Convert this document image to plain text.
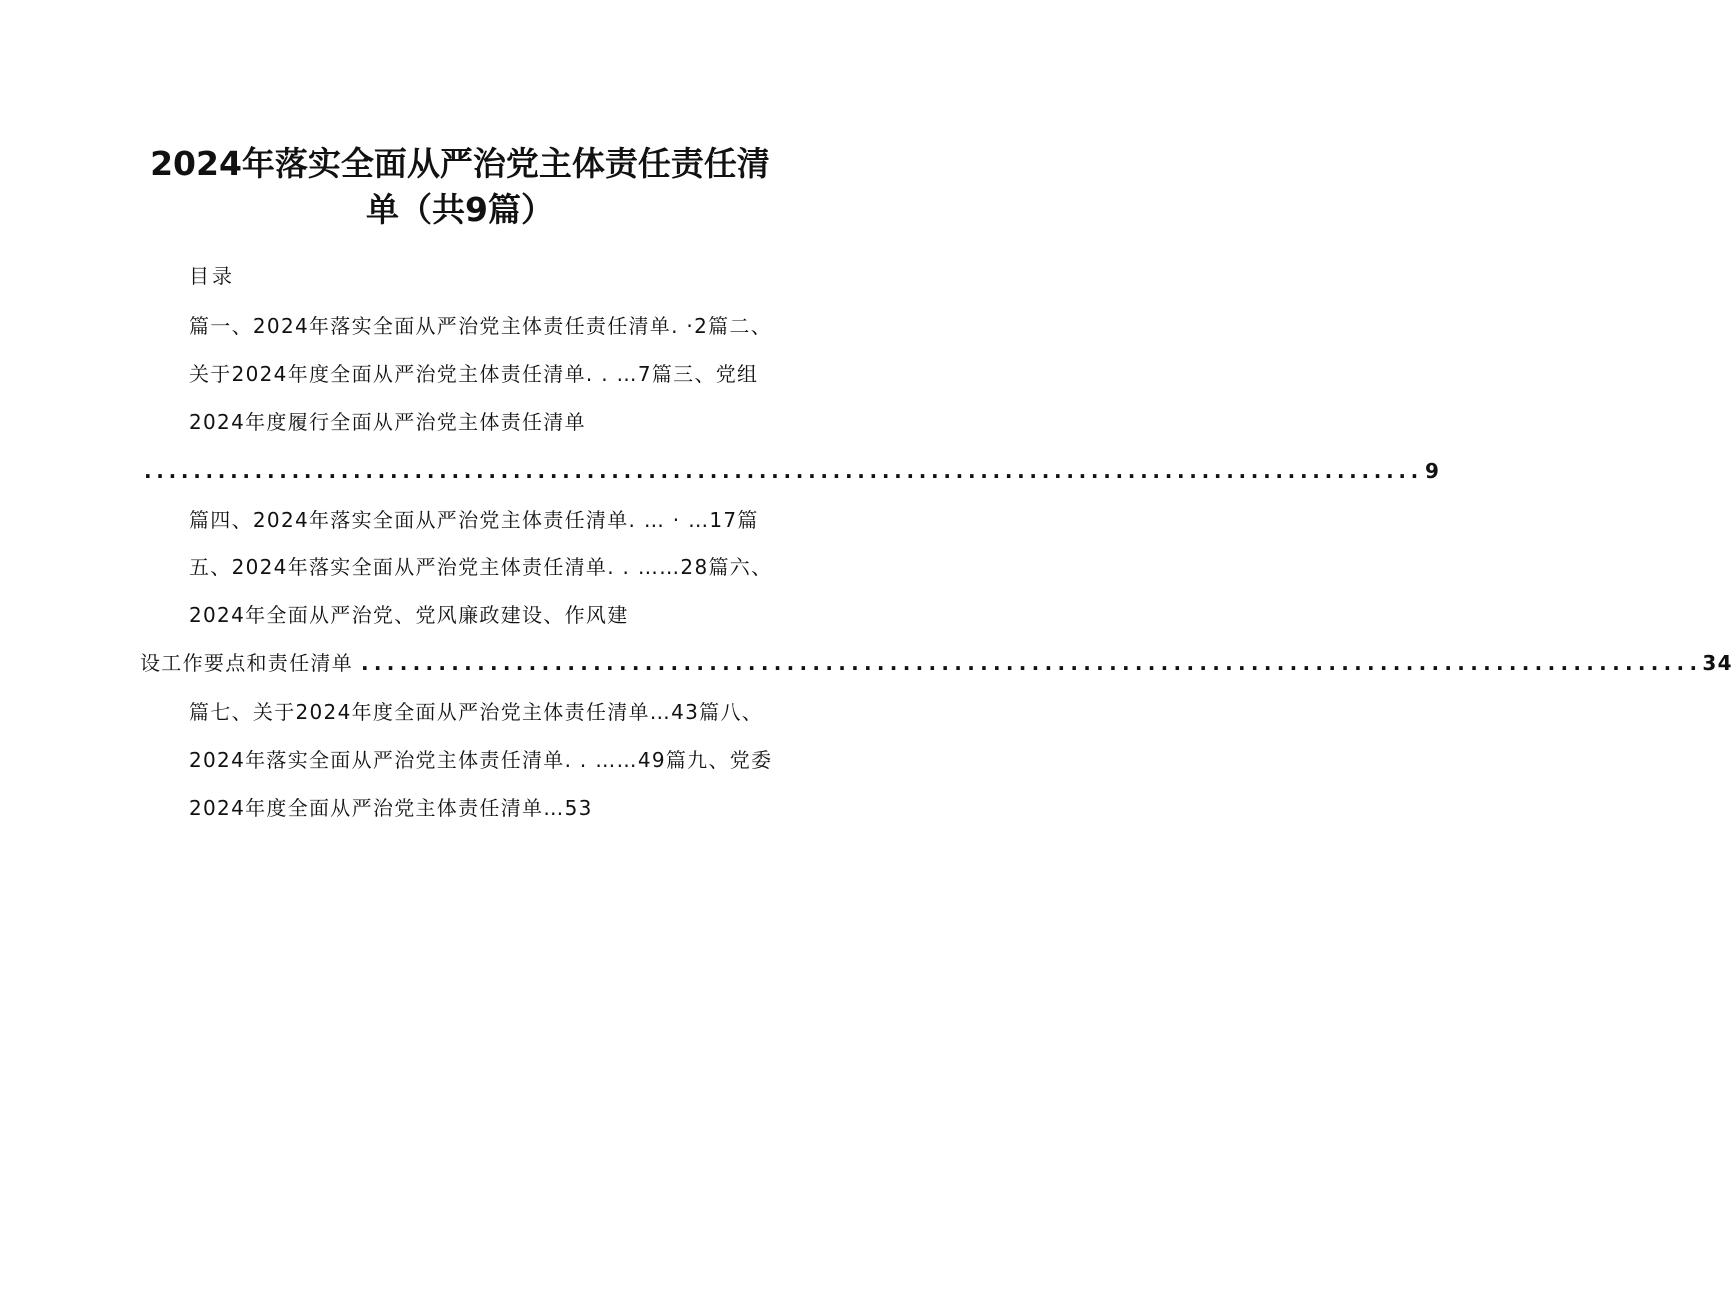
2024年落实全面从严治党主体责任责任清
单（共9篇）
目录
篇一、2024年落实全面从严治党主体责任责任清单. ·2篇二、
关于2024年度全面从严治党主体责任清单. . …7篇三、党组
2024年度履行全面从严治党主体责任清单
........................................................................................................ 9
篇四、2024年落实全面从严治党主体责任清单. … · …17篇
五、2024年落实全面从严治党主体责任清单. . ……28篇六、
2024年全面从严治党、党风廉政建设、作风建
设工作要点和责任清单 ........................................................................................................ 34
篇七、关于2024年度全面从严治党主体责任清单…43篇八、
2024年落实全面从严治党主体责任清单. . ……49篇九、党委
2024年度全面从严治党主体责任清单…53
